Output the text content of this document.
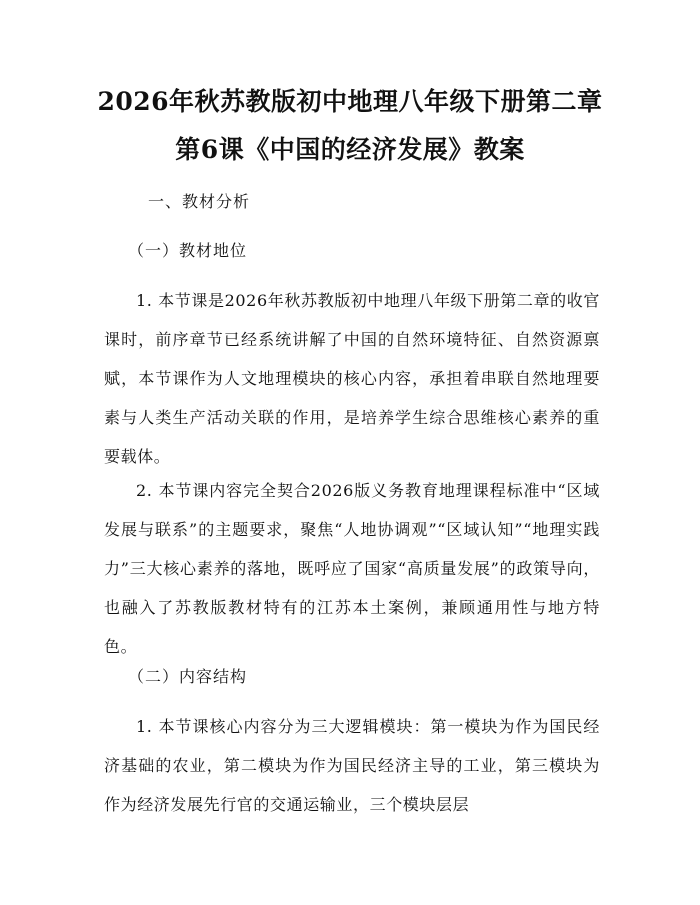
2026年秋苏教版初中地理八年级下册第二章
第6课《中国的经济发展》教案
一、教材分析
（一）教材地位
1. 本节课是2026年秋苏教版初中地理八年级下册第二章的收官课时，前序章节已经系统讲解了中国的自然环境特征、自然资源禀赋，本节课作为人文地理模块的核心内容，承担着串联自然地理要素与人类生产活动关联的作用，是培养学生综合思维核心素养的重要载体。
2. 本节课内容完全契合2026版义务教育地理课程标准中“区域发展与联系”的主题要求，聚焦“人地协调观”“区域认知”“地理实践力”三大核心素养的落地，既呼应了国家“高质量发展”的政策导向，也融入了苏教版教材特有的江苏本土案例，兼顾通用性与地方特色。
（二）内容结构
1. 本节课核心内容分为三大逻辑模块：第一模块为作为国民经济基础的农业，第二模块为作为国民经济主导的工业，第三模块为作为经济发展先行官的交通运输业，三个模块层层
